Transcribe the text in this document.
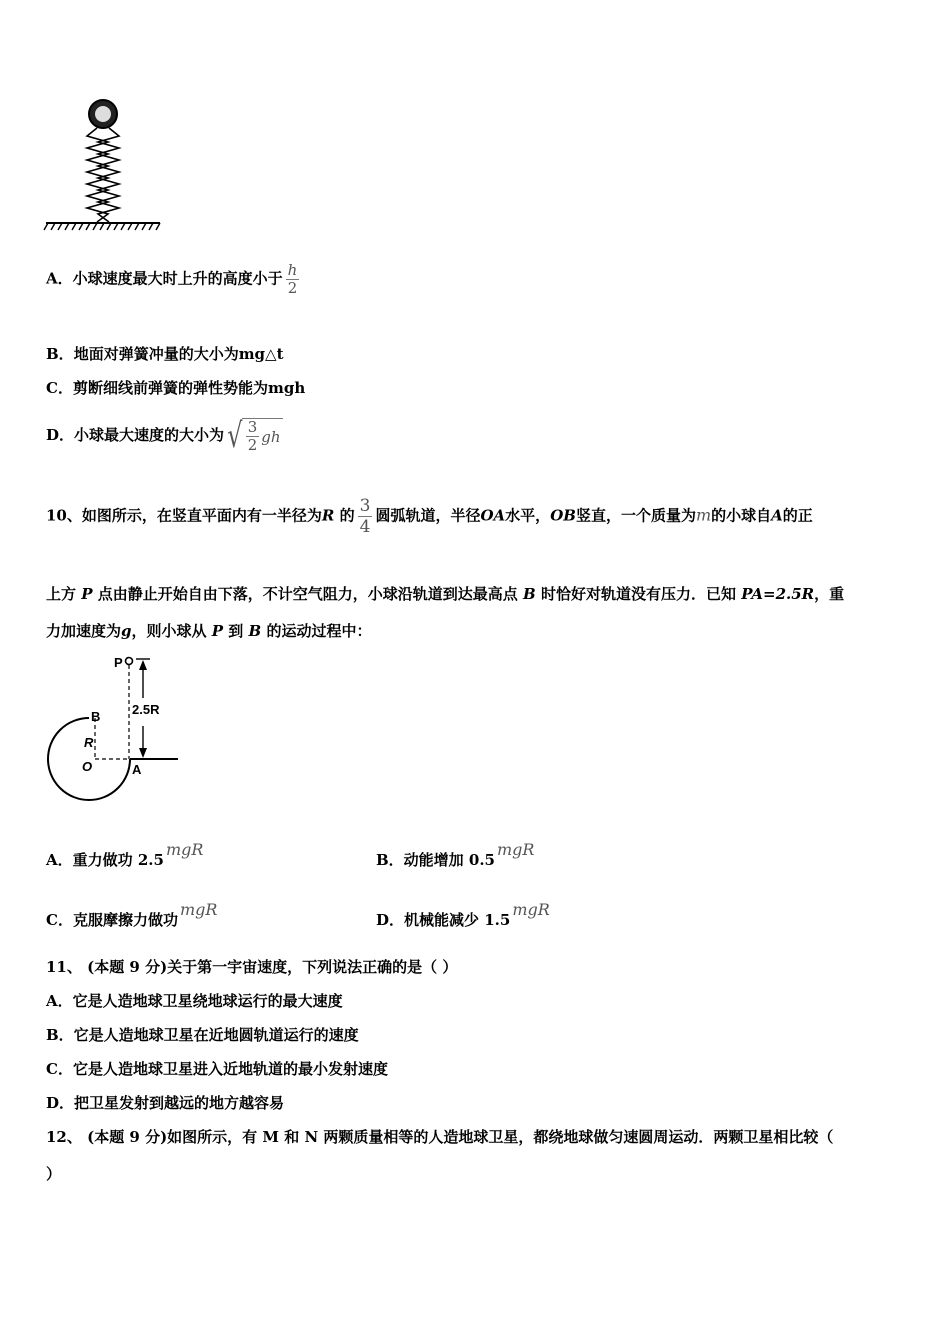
A．小球速度最大时上升的高度小于 $\frac{h}{2}$
B．地面对弹簧冲量的大小为mg△t
C．剪断细线前弹簧的弹性势能为mgh
D．小球最大速度的大小为 √ $\frac{3}{2}$ gh
10、如图所示，在竖直平面内有一半径为R 的 $\frac{3}{4}$ 圆弧轨道，半径OA水平，OB竖直，一个质量为m的小球自A的正
上方 P 点由静止开始自由下落，不计空气阻力，小球沿轨道到达最高点 B 时恰好对轨道没有压力．已知 PA=2.5R，重
力加速度为g，则小球从 P 到 B 的运动过程中：
P
2.5R
B
R
O	A
A．重力做功 2.5mgR
B．动能增加 0.5mgR
C．克服摩擦力做功mgR
D．机械能减少 1.5mgR
11、 (本题 9 分)关于第一宇宙速度，下列说法正确的是（ ）
A．它是人造地球卫星绕地球运行的最大速度
B．它是人造地球卫星在近地圆轨道运行的速度
C．它是人造地球卫星进入近地轨道的最小发射速度
D．把卫星发射到越远的地方越容易
12、 (本题 9 分)如图所示，有 M 和 N 两颗质量相等的人造地球卫星，都绕地球做匀速圆周运动．两颗卫星相比较（
）
